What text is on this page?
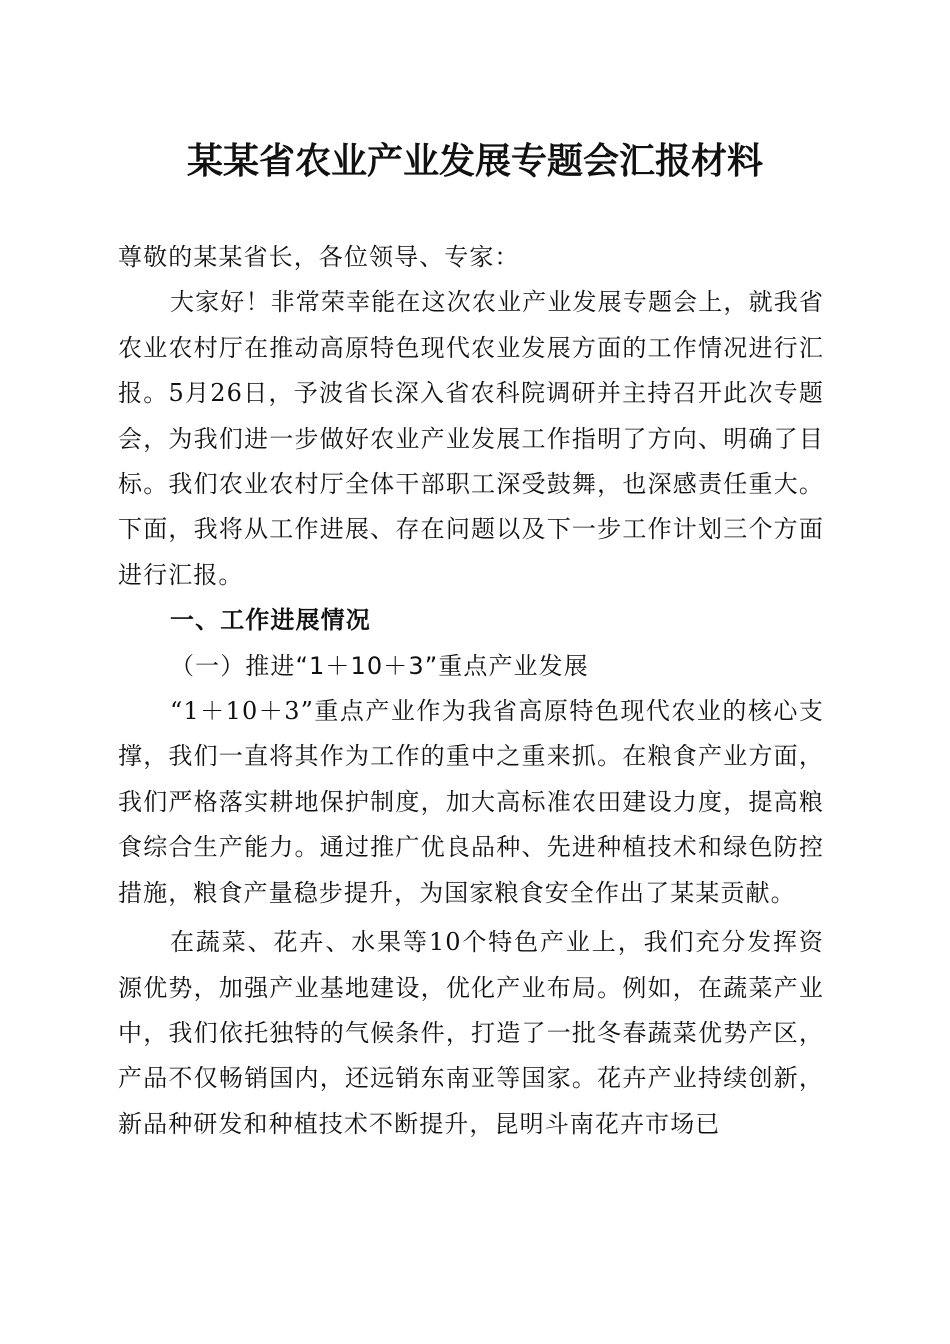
某某省农业产业发展专题会汇报材料

尊敬的某某省长，各位领导、专家：

大家好！非常荣幸能在这次农业产业发展专题会上，就我省农业农村厅在推动高原特色现代农业发展方面的工作情况进行汇报。5月26日，予波省长深入省农科院调研并主持召开此次专题会，为我们进一步做好农业产业发展工作指明了方向、明确了目标。我们农业农村厅全体干部职工深受鼓舞，也深感责任重大。下面，我将从工作进展、存在问题以及下一步工作计划三个方面进行汇报。

一、工作进展情况

（一）推进“1＋10＋3”重点产业发展

“1＋10＋3”重点产业作为我省高原特色现代农业的核心支撑，我们一直将其作为工作的重中之重来抓。在粮食产业方面，我们严格落实耕地保护制度，加大高标准农田建设力度，提高粮食综合生产能力。通过推广优良品种、先进种植技术和绿色防控措施，粮食产量稳步提升，为国家粮食安全作出了某某贡献。

在蔬菜、花卉、水果等10个特色产业上，我们充分发挥资源优势，加强产业基地建设，优化产业布局。例如，在蔬菜产业中，我们依托独特的气候条件，打造了一批冬春蔬菜优势产区，产品不仅畅销国内，还远销东南亚等国家。花卉产业持续创新，新品种研发和种植技术不断提升，昆明斗南花卉市场已
